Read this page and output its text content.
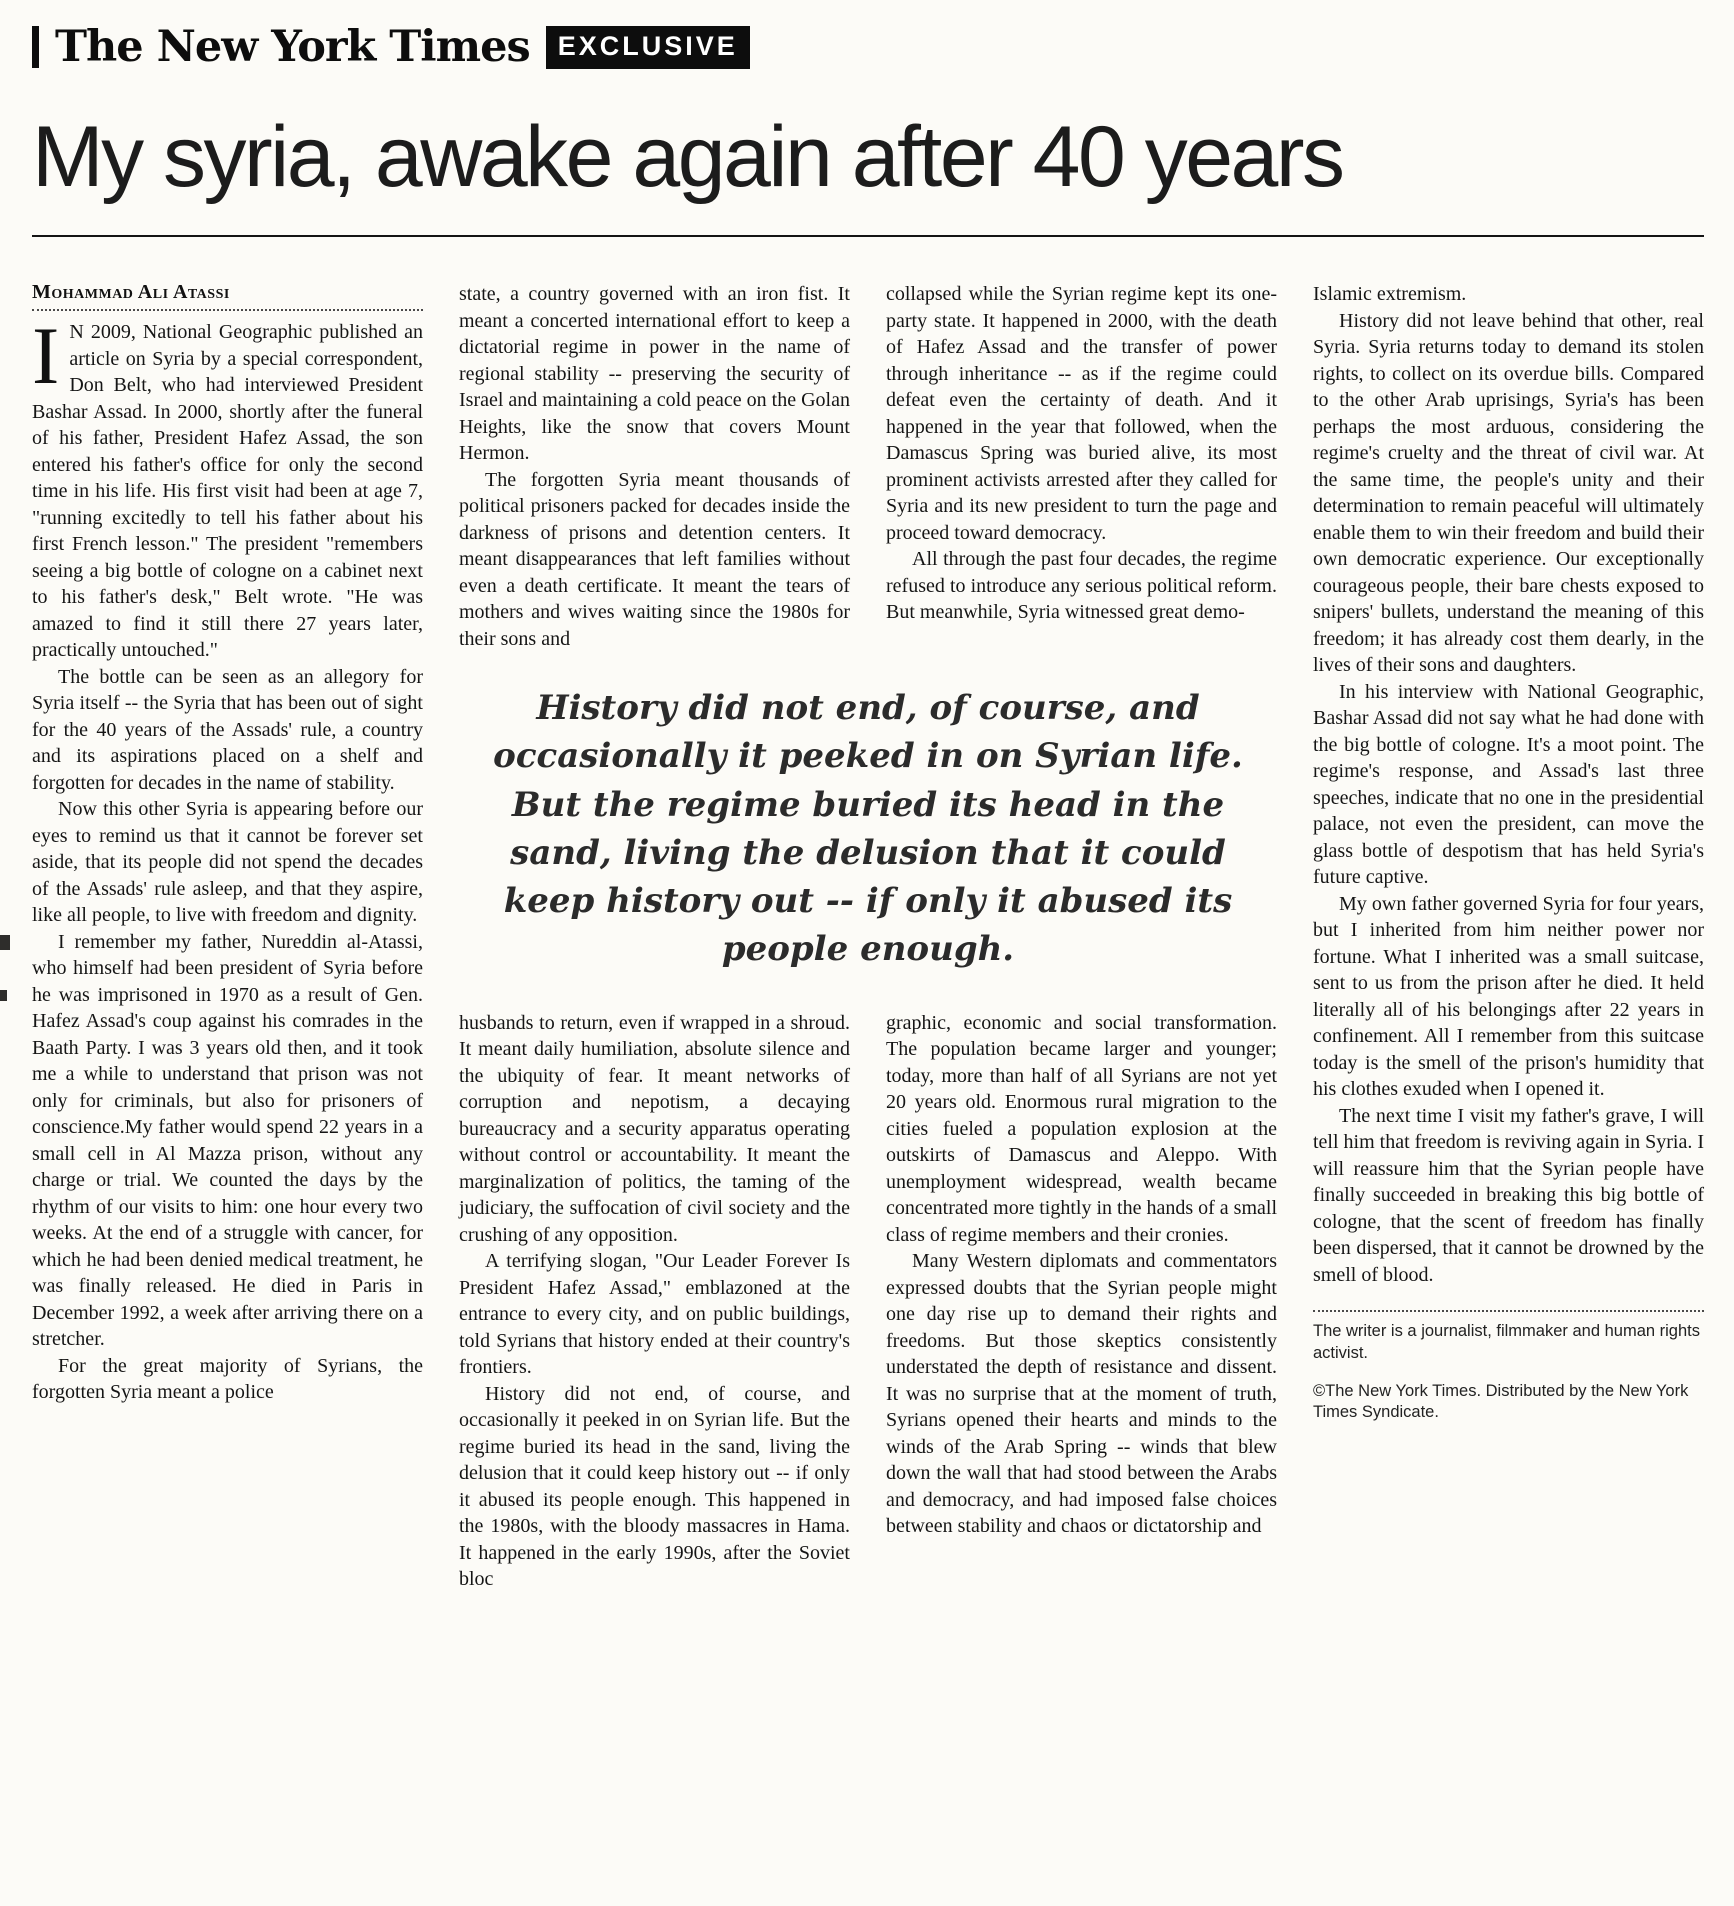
The New York Times	EXCLUSIVE
My syria, awake again after 40 years
Mohammad Ali Atassi

IN 2009, National Geographic published an article on Syria by a special correspondent, Don Belt, who had interviewed President Bashar Assad. In 2000, shortly after the funeral of his father, President Hafez Assad, the son entered his father's office for only the second time in his life. His first visit had been at age 7, "running excitedly to tell his father about his first French lesson." The president "remembers seeing a big bottle of cologne on a cabinet next to his father's desk," Belt wrote. "He was amazed to find it still there 27 years later, practically untouched."

The bottle can be seen as an allegory for Syria itself -- the Syria that has been out of sight for the 40 years of the Assads' rule, a country and its aspirations placed on a shelf and forgotten for decades in the name of stability.

Now this other Syria is appearing before our eyes to remind us that it cannot be forever set aside, that its people did not spend the decades of the Assads' rule asleep, and that they aspire, like all people, to live with freedom and dignity.

I remember my father, Nureddin al-Atassi, who himself had been president of Syria before he was imprisoned in 1970 as a result of Gen. Hafez Assad's coup against his comrades in the Baath Party. I was 3 years old then, and it took me a while to understand that prison was not only for criminals, but also for prisoners of conscience.My father would spend 22 years in a small cell in Al Mazza prison, without any charge or trial. We counted the days by the rhythm of our visits to him: one hour every two weeks. At the end of a struggle with cancer, for which he had been denied medical treatment, he was finally released. He died in Paris in December 1992, a week after arriving there on a stretcher.

For the great majority of Syrians, the forgotten Syria meant a police

state, a country governed with an iron fist. It meant a concerted international effort to keep a dictatorial regime in power in the name of regional stability -- preserving the security of Israel and maintaining a cold peace on the Golan Heights, like the snow that covers Mount Hermon.

The forgotten Syria meant thousands of political prisoners packed for decades inside the darkness of prisons and detention centers. It meant disappearances that left families without even a death certificate. It meant the tears of mothers and wives waiting since the 1980s for their sons and

collapsed while the Syrian regime kept its one-party state. It happened in 2000, with the death of Hafez Assad and the transfer of power through inheritance -- as if the regime could defeat even the certainty of death. And it happened in the year that followed, when the Damascus Spring was buried alive, its most prominent activists arrested after they called for Syria and its new president to turn the page and proceed toward democracy.

All through the past four decades, the regime refused to introduce any serious political reform. But meanwhile, Syria witnessed great demo-

History did not end, of course, and occasionally it peeked in on Syrian life. But the regime buried its head in the sand, living the delusion that it could keep history out -- if only it abused its people enough.

husbands to return, even if wrapped in a shroud. It meant daily humiliation, absolute silence and the ubiquity of fear. It meant networks of corruption and nepotism, a decaying bureaucracy and a security apparatus operating without control or accountability. It meant the marginalization of politics, the taming of the judiciary, the suffocation of civil society and the crushing of any opposition.

A terrifying slogan, "Our Leader Forever Is President Hafez Assad," emblazoned at the entrance to every city, and on public buildings, told Syrians that history ended at their country's frontiers.

History did not end, of course, and occasionally it peeked in on Syrian life. But the regime buried its head in the sand, living the delusion that it could keep history out -- if only it abused its people enough. This happened in the 1980s, with the bloody massacres in Hama. It happened in the early 1990s, after the Soviet bloc

graphic, economic and social transformation. The population became larger and younger; today, more than half of all Syrians are not yet 20 years old. Enormous rural migration to the cities fueled a population explosion at the outskirts of Damascus and Aleppo. With unemployment widespread, wealth became concentrated more tightly in the hands of a small class of regime members and their cronies.

Many Western diplomats and commentators expressed doubts that the Syrian people might one day rise up to demand their rights and freedoms. But those skeptics consistently understated the depth of resistance and dissent. It was no surprise that at the moment of truth, Syrians opened their hearts and minds to the winds of the Arab Spring -- winds that blew down the wall that had stood between the Arabs and democracy, and had imposed false choices between stability and chaos or dictatorship and

Islamic extremism.

History did not leave behind that other, real Syria. Syria returns today to demand its stolen rights, to collect on its overdue bills. Compared to the other Arab uprisings, Syria's has been perhaps the most arduous, considering the regime's cruelty and the threat of civil war. At the same time, the people's unity and their determination to remain peaceful will ultimately enable them to win their freedom and build their own democratic experience. Our exceptionally courageous people, their bare chests exposed to snipers' bullets, understand the meaning of this freedom; it has already cost them dearly, in the lives of their sons and daughters.

In his interview with National Geographic, Bashar Assad did not say what he had done with the big bottle of cologne. It's a moot point. The regime's response, and Assad's last three speeches, indicate that no one in the presidential palace, not even the president, can move the glass bottle of despotism that has held Syria's future captive.

My own father governed Syria for four years, but I inherited from him neither power nor fortune. What I inherited was a small suitcase, sent to us from the prison after he died. It held literally all of his belongings after 22 years in confinement. All I remember from this suitcase today is the smell of the prison's humidity that his clothes exuded when I opened it.

The next time I visit my father's grave, I will tell him that freedom is reviving again in Syria. I will reassure him that the Syrian people have finally succeeded in breaking this big bottle of cologne, that the scent of freedom has finally been dispersed, that it cannot be drowned by the smell of blood.

The writer is a journalist, filmmaker and human rights activist.

©The New York Times. Distributed by the New York Times Syndicate.
